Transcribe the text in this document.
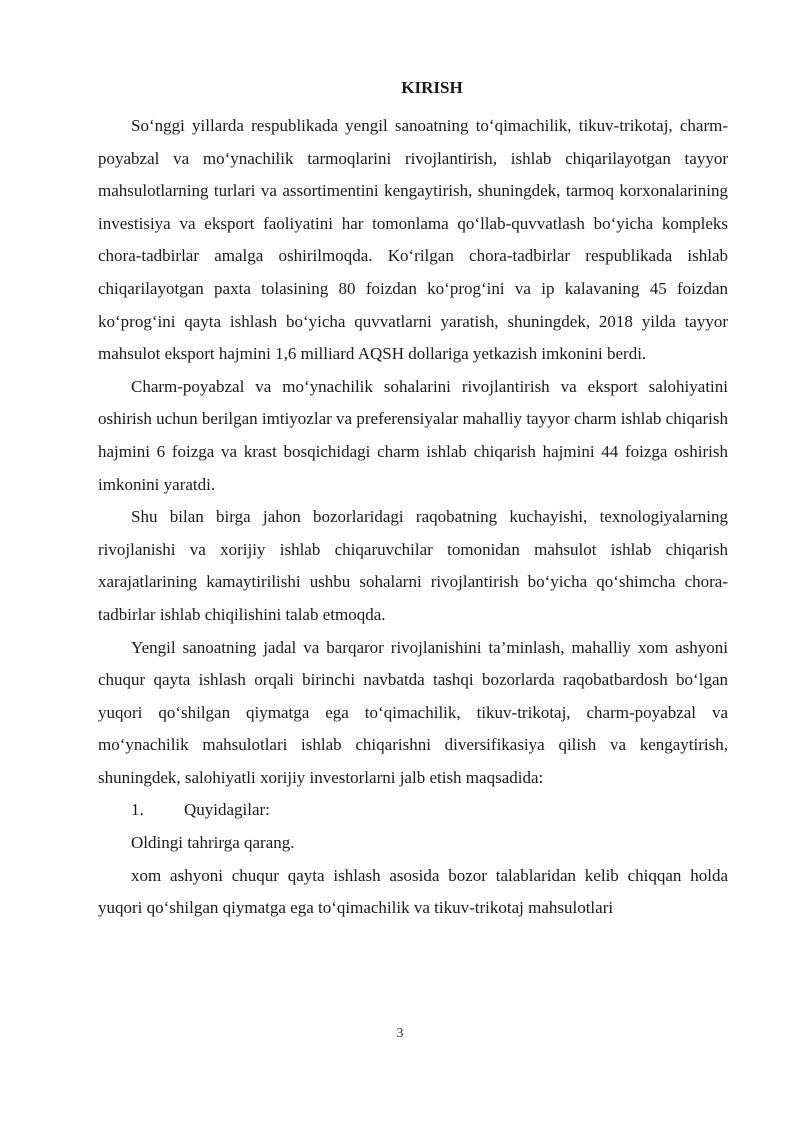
KIRISH

So‘nggi yillarda respublikada yengil sanoatning to‘qimachilik, tikuv-trikotaj, charm-poyabzal va mo‘ynachilik tarmoqlarini rivojlantirish, ishlab chiqarilayotgan tayyor mahsulotlarning turlari va assortimentini kengaytirish, shuningdek, tarmoq korxonalarining investisiya va eksport faoliyatini har tomonlama qo‘llab-quvvatlash bo‘yicha kompleks chora-tadbirlar amalga oshirilmoqda. Ko‘rilgan chora-tadbirlar respublikada ishlab chiqarilayotgan paxta tolasining 80 foizdan ko‘prog‘ini va ip kalavaning 45 foizdan ko‘prog‘ini qayta ishlash bo‘yicha quvvatlarni yaratish, shuningdek, 2018 yilda tayyor mahsulot eksport hajmini 1,6 milliard AQSH dollariga yetkazish imkonini berdi.

Charm-poyabzal va mo‘ynachilik sohalarini rivojlantirish va eksport salohiyatini oshirish uchun berilgan imtiyozlar va preferensiyalar mahalliy tayyor charm ishlab chiqarish hajmini 6 foizga va krast bosqichidagi charm ishlab chiqarish hajmini 44 foizga oshirish imkonini yaratdi.

Shu bilan birga jahon bozorlaridagi raqobatning kuchayishi, texnologiyalarning rivojlanishi va xorijiy ishlab chiqaruvchilar tomonidan mahsulot ishlab chiqarish xarajatlarining kamaytirilishi ushbu sohalarni rivojlantirish bo‘yicha qo‘shimcha chora-tadbirlar ishlab chiqilishini talab etmoqda.

Yengil sanoatning jadal va barqaror rivojlanishini ta’minlash, mahalliy xom ashyoni chuqur qayta ishlash orqali birinchi navbatda tashqi bozorlarda raqobatbardosh bo‘lgan yuqori qo‘shilgan qiymatga ega to‘qimachilik, tikuv-trikotaj, charm-poyabzal va mo‘ynachilik mahsulotlari ishlab chiqarishni diversifikasiya qilish va kengaytirish, shuningdek, salohiyatli xorijiy investorlarni jalb etish maqsadida:

1.	Quyidagilar:

Oldingi tahrirga qarang.

xom ashyoni chuqur qayta ishlash asosida bozor talablaridan kelib chiqqan holda yuqori qo‘shilgan qiymatga ega to‘qimachilik va tikuv-trikotaj mahsulotlari

3
